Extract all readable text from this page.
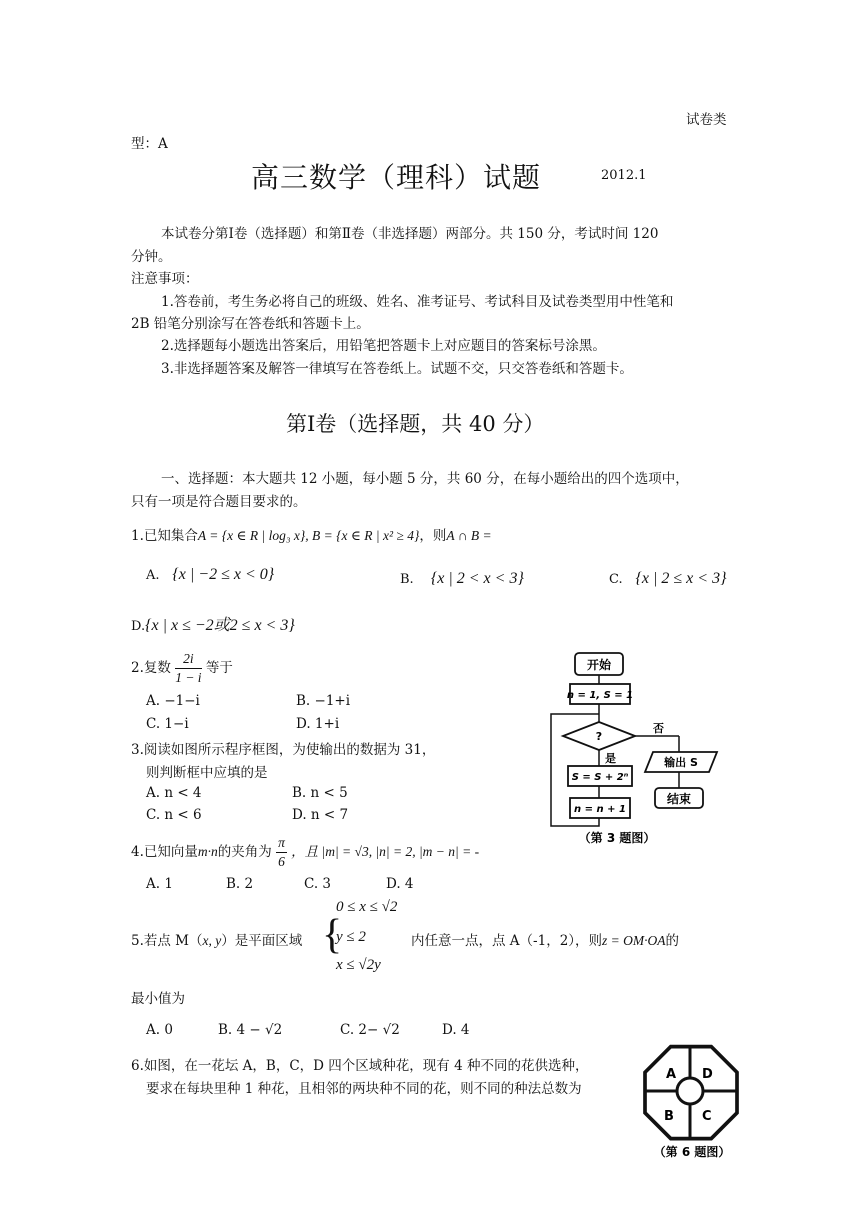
试卷类
型：A
高三数学（理科）试题	2012.1
本试卷分第Ⅰ卷（选择题）和第Ⅱ卷（非选择题）两部分。共 150 分，考试时间 120
分钟。
注意事项：
1.答卷前，考生务必将自己的班级、姓名、准考证号、考试科目及试卷类型用中性笔和
2B 铅笔分别涂写在答卷纸和答题卡上。
2.选择题每小题选出答案后，用铅笔把答题卡上对应题目的答案标号涂黑。
3.非选择题答案及解答一律填写在答卷纸上。试题不交，只交答卷纸和答题卡。
第Ⅰ卷（选择题，共 40 分）
一、选择题：本大题共 12 小题，每小题 5 分，共 60 分，在每小题给出的四个选项中，
只有一项是符合题目要求的。
1.已知集合A = {x ∈ R | log₃ x}, B = {x ∈ R | x² ≥ 4}，则A ∩ B =
A. {x | −2 ≤ x < 0}	B. {x | 2 < x < 3}	C. {x | 2 ≤ x < 3}
D.{x | x ≤ −2或2 ≤ x < 3}
2.复数 $\frac{2i}{1 - i}$ 等于
A. −1−i	B. −1+i
C. 1−i	D. 1+i
3.阅读如图所示程序框图，为使输出的数据为 31，
则判断框中应填的是
A. n < 4	B. n < 5
C. n < 6	D. n < 7
开始
n = 1, S = 1
?
否
是
S = S + 2ⁿ
n = n + 1
输出 S
结束
（第 3 题图）
4.已知向量m·n的夹角为 $\frac{\pi}{6}$ ，且 |m| = √3, |n| = 2, |m − n| = -
A. 1	B. 2	C. 3	D. 4
5.若点 M（x, y）是平面区域 {
0 ≤ x ≤ √2
y ≤ 2
x ≤ √2y
内任意一点，点 A（-1，2），则z = OM·OA的
最小值为
A. 0	B. 4 − √2	C. 2− √2	D. 4
6.如图，在一花坛 A，B，C，D 四个区域种花，现有 4 种不同的花供选种，
要求在每块里种 1 种花，且相邻的两块种不同的花，则不同的种法总数为
A D
B C
（第 6 题图）
